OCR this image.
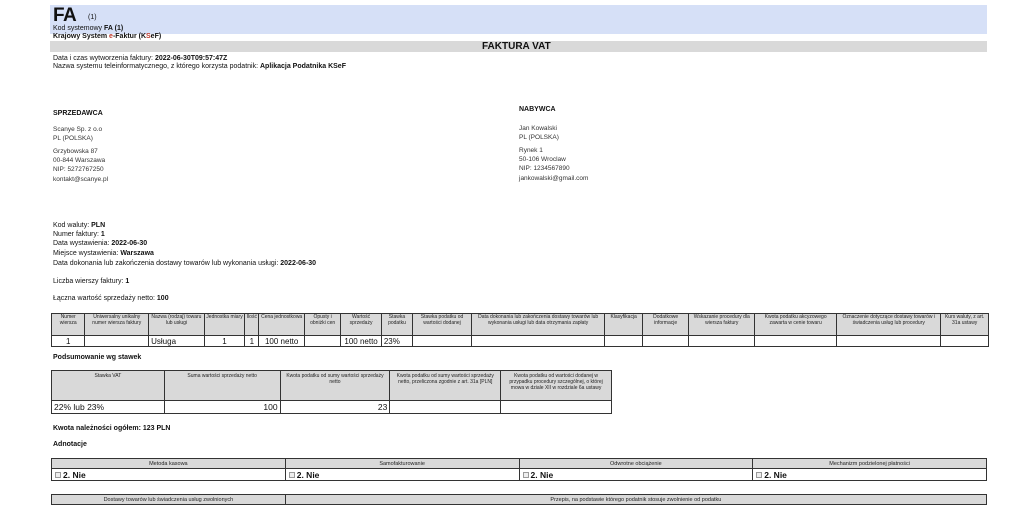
FA (1)
Kod systemowy FA (1)
Krajowy System e-Faktur (KSeF)
FAKTURA VAT
Data i czas wytworzenia faktury: 2022-06-30T09:57:47Z
Nazwa systemu teleinformatycznego, z którego korzysta podatnik: Aplikacja Podatnika KSeF
SPRZEDAWCA
Scanye Sp. z o.o
PL (POLSKA)
Grzybowska 87
00-844 Warszawa
NIP: 5272767250
kontakt@scanye.pl
NABYWCA
Jan Kowalski
PL (POLSKA)
Rynek 1
50-106 Wroclaw
NIP: 1234567890
jankowalski@gmail.com
Kod waluty: PLN
Numer faktury: 1
Data wystawienia: 2022-06-30
Miejsce wystawienia: Warszawa
Data dokonania lub zakończenia dostawy towarów lub wykonania usługi: 2022-06-30
Liczba wierszy faktury: 1
Łączna wartość sprzedaży netto: 100
Numer wiersza	Uniwersalny unikalny numer wiersza faktury	Nazwa (rodzaj) towaru lub usługi	Jednostka miary	Ilość	Cena jednostkowa	Opusty i obniżki cen	Wartość sprzedaży	Stawka podatku	Stawka podatku od wartości dodanej	Data dokonania lub zakończenia dostawy towarów lub wykonania usługi lub data otrzymania zapłaty	Klasyfikacja	Dodatkowe informacje	Wskazanie procedury dla wiersza faktury	Kwota podatku akcyzowego zawarta w cenie towaru	Oznaczenie dotyczące dostawy towarów i świadczenia usług lub procedury	Kurs waluty, z art. 31a ustawy
1		Usługa	1	1	100 netto		100 netto	23%								
Podsumowanie wg stawek
Stawka VAT	Suma wartości sprzedaży netto	Kwota podatku od sumy wartości sprzedaży netto	Kwota podatku od sumy wartości sprzedaży netto, przeliczona zgodnie z art. 31a [PLN]	Kwota podatku od wartości dodanej w przypadku procedury szczególnej, o której mowa w dziale XII w rozdziale 6a ustawy
22% lub 23%	100	23		
Kwota należności ogółem: 123 PLN
Adnotacje
Metoda kasowa	Samofakturowanie	Odwrotne obciążenie	Mechanizm podzielonej płatności
2. Nie	2. Nie	2. Nie	2. Nie
Dostawy towarów lub świadczenia usług zwolnionych	Przepis, na podstawie którego podatnik stosuje zwolnienie od podatku
